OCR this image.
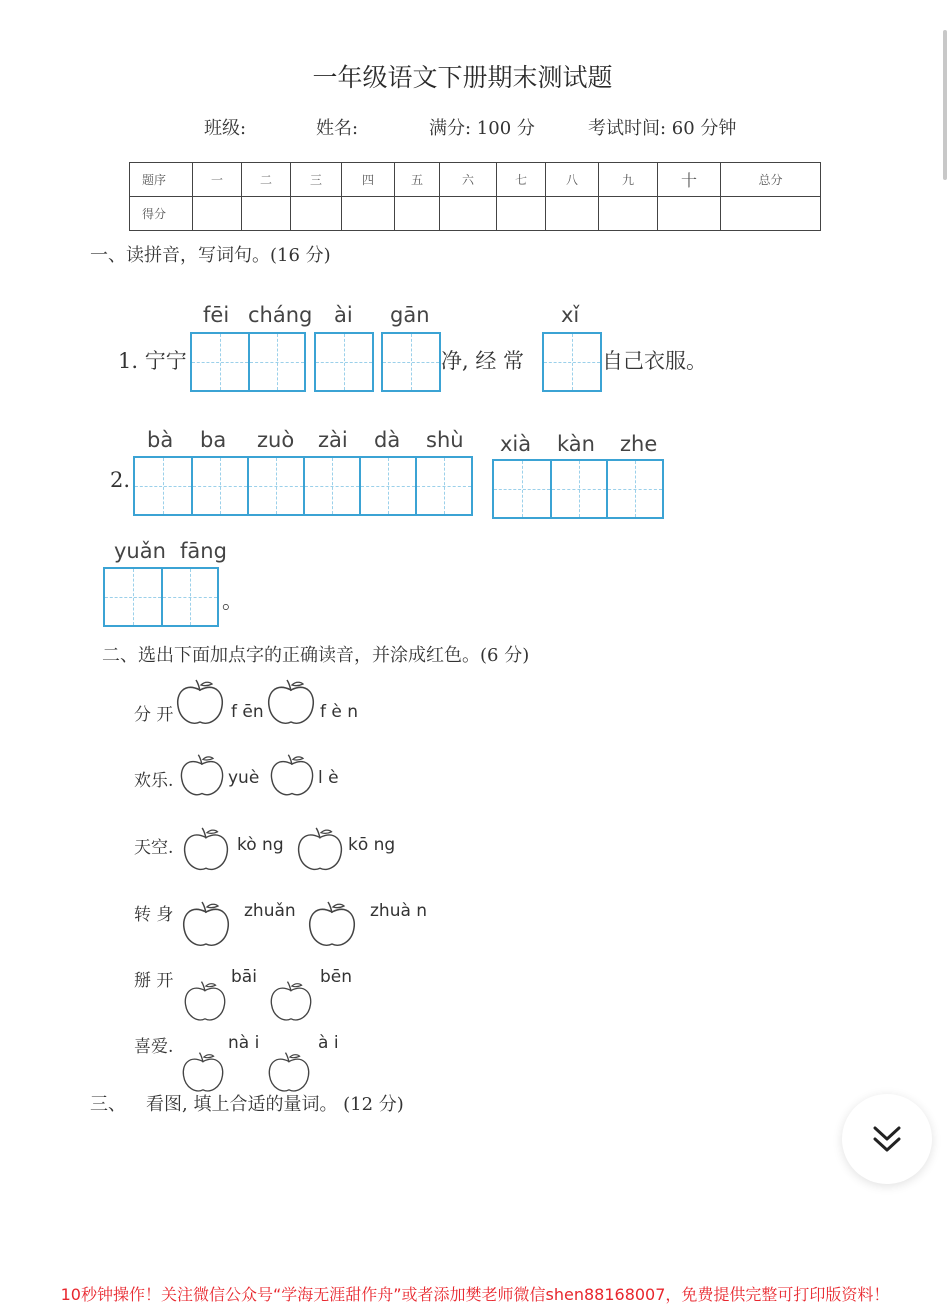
一年级语文下册期末测试题
班级:	姓名:	满分: 100 分	考试时间: 60 分钟
题序	一	二	三	四	五	六	七	八	九	十	总分
得分											
一、读拼音，写词句。(16 分)
fēi cháng ài gān	xǐ
1. 宁宁	净, 经 常	自己衣服。
bà ba zuò zài dà shù xià kàn zhe
2.
yuǎn fāng
。
二、选出下面加点字的正确读音，并涂成红色。(6 分)
分 开	f ēn	f è n
欢乐.	yuè	l è
天空.	kò ng	kō ng
转 身	zhuǎn	zhuà n
掰 开	bāi	bēn
喜爱.	nà i	à i
三、 看图, 填上合适的量词。 (12 分)
10秒钟操作！关注微信公众号“学海无涯甜作舟”或者添加樊老师微信shen88168007，免费提供完整可打印版资料！
